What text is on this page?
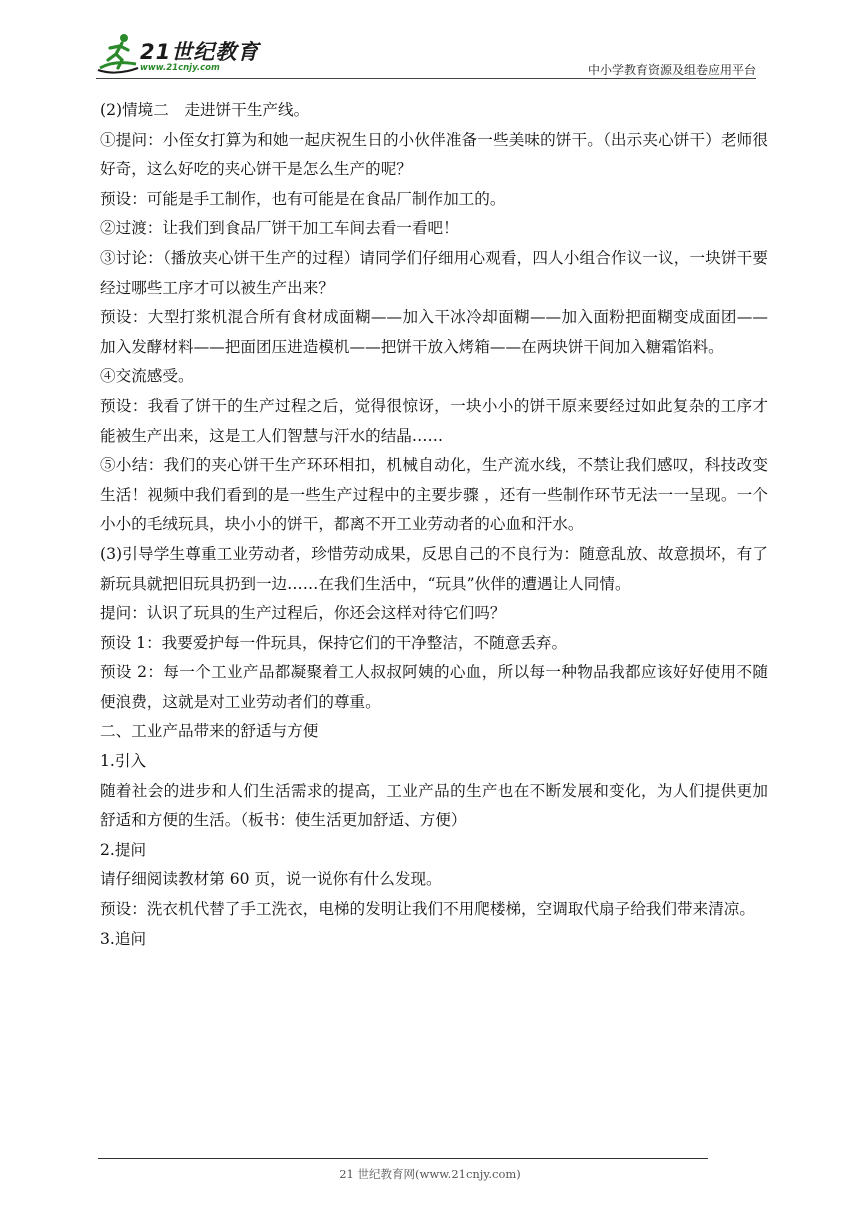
21世纪教育
www.21cnjy.com	中小学教育资源及组卷应用平台

(2)情境二　走进饼干生产线。

①提问：小侄女打算为和她一起庆祝生日的小伙伴准备一些美味的饼干。（出示夹心饼干）老师很好奇，这么好吃的夹心饼干是怎么生产的呢？

预设：可能是手工制作，也有可能是在食品厂制作加工的。

②过渡：让我们到食品厂饼干加工车间去看一看吧！

③讨论：（播放夹心饼干生产的过程）请同学们仔细用心观看，四人小组合作议一议，一块饼干要经过哪些工序才可以被生产出来？

预设：大型打浆机混合所有食材成面糊——加入干冰冷却面糊——加入面粉把面糊变成面团——加入发酵材料——把面团压进造模机——把饼干放入烤箱——在两块饼干间加入糖霜馅料。

④交流感受。

预设：我看了饼干的生产过程之后，觉得很惊讶，一块小小的饼干原来要经过如此复杂的工序才能被生产出来，这是工人们智慧与汗水的结晶……

⑤小结：我们的夹心饼干生产环环相扣，机械自动化，生产流水线，不禁让我们感叹，科技改变生活！视频中我们看到的是一些生产过程中的主要步骤 ，还有一些制作环节无法一一呈现。一个小小的毛绒玩具，块小小的饼干，都离不开工业劳动者的心血和汗水。

(3)引导学生尊重工业劳动者，珍惜劳动成果，反思自己的不良行为：随意乱放、故意损坏，有了新玩具就把旧玩具扔到一边……在我们生活中，“玩具”伙伴的遭遇让人同情。

提问：认识了玩具的生产过程后，你还会这样对待它们吗？

预设 1：我要爱护每一件玩具，保持它们的干净整洁，不随意丢弃。

预设 2：每一个工业产品都凝聚着工人叔叔阿姨的心血，所以每一种物品我都应该好好使用不随便浪费，这就是对工业劳动者们的尊重。

二、工业产品带来的舒适与方便

1.引入

随着社会的进步和人们生活需求的提高，工业产品的生产也在不断发展和变化，为人们提供更加舒适和方便的生活。（板书：使生活更加舒适、方便）

2.提问

请仔细阅读教材第 60 页，说一说你有什么发现。

预设：洗衣机代替了手工洗衣，电梯的发明让我们不用爬楼梯，空调取代扇子给我们带来清凉。

3.追问

21 世纪教育网(www.21cnjy.com)
